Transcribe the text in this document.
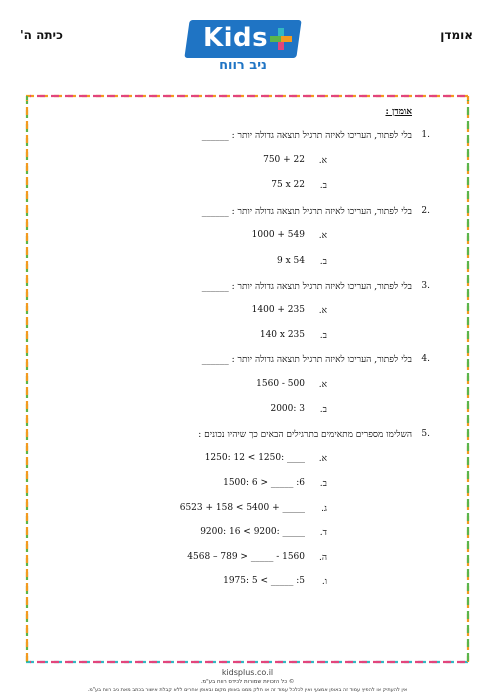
כיתה ה'	Kids
ניב רווח
אומדן
אומדן :
.1
בלי לפתור, העריכו לאיזה תרגיל תוצאה גדולה יותר : ______
א.
750 + 22
ב.
75 x 22
.2
בלי לפתור, העריכו לאיזה תרגיל תוצאה גדולה יותר : ______
א.
1000 + 549
ב.
9 x 54
.3
בלי לפתור, העריכו לאיזה תרגיל תוצאה גדולה יותר : ______
א.
1400 + 235
ב.
140 x 235
.4
בלי לפתור, העריכו לאיזה תרגיל תוצאה גדולה יותר : ______
א.
1560 - 500
ב.
2000: 3
.5
השלימו מספרים מתאימים בתרגילים הבאים כך שיהיו נכונים :
א.
1250: 12 < 1250: ____
ב.
1500: 6 > _____ :6
ג.
6523 + 158 < 5400 + _____
ד.
9200: 16 < 9200: _____
ה.
4568 – 789 > _____ - 1560
ו.
1975: 5 < _____ :5
kidsplus.co.il
© כל הזכויות שמורות לכידס רווח בע"מ.
אין להעתיק או להפיץ עמוד זה באופן אמצעי ואין לכלכל עמוד זה או חלק ממנו באופן מקום ובאופן אחרים ללא קבלת אישור בכתב מאת ניב רווח בע"מ.
